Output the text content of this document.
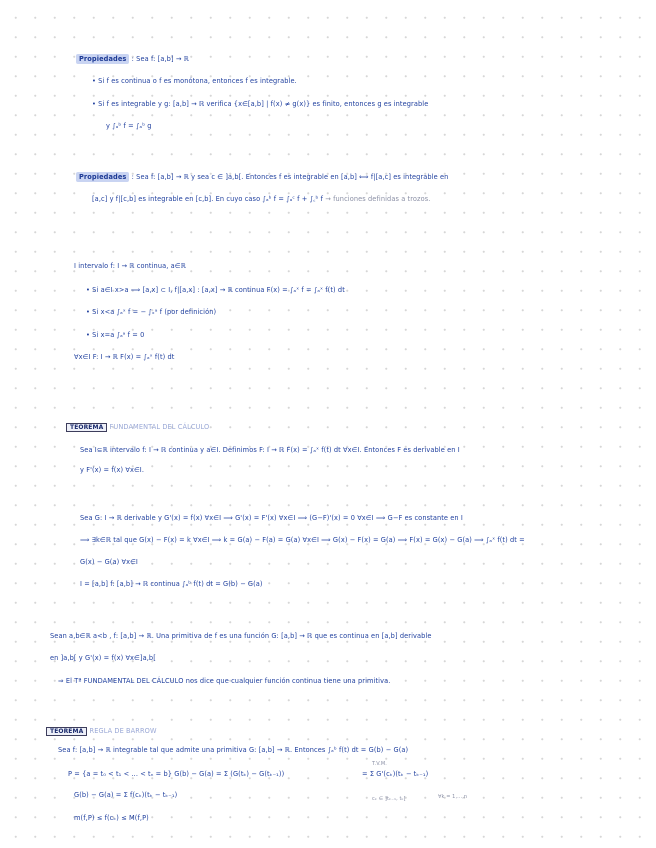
Propiedades : Sea f: [a,b] → ℝ
• Si f es continua o f es monótona, entonces f es integrable.
• Si f es integrable y g: [a,b] → ℝ verifica {x∈[a,b] | f(x) ≠ g(x)} es finito, entonces g es integrable
y ∫ₐᵇ f = ∫ₐᵇ g
Propiedades : Sea f: [a,b] → ℝ y sea c ∈ ]a,b[. Entonces f es integrable en [a,b] ⟺ f|[a,c] es integrable en
[a,c] y f|[c,b] es integrable en [c,b]. En cuyo caso ∫ₐᵇ f = ∫ₐᶜ f + ∫꜀ᵇ f → funciones definidas a trozos.
I intervalo f: I → ℝ continua, a∈ℝ
• Si a∈I x>a ⟹ [a,x] ⊂ I, f|[a,x] : [a,x] → ℝ continua F(x) = ∫ₐˣ f = ∫ₐˣ f(t) dt
• Si x<a ∫ₐˣ f = − ∫ₓᵃ f (por definición)
• Si x=a ∫ₐᵃ f = 0
∀x∈I F: I → ℝ F(x) = ∫ₐˣ f(t) dt
TEOREMA FUNDAMENTAL DEL CÁLCULO
Sea I⊆ℝ intervalo f: I → ℝ continua y a∈I. Definimos F: I → ℝ F(x) = ∫ₐˣ f(t) dt ∀x∈I. Entonces F es derivable en I
y F'(x) = f(x) ∀x∈I.
Sea G: I → ℝ derivable y G'(x) = f(x) ∀x∈I ⟹ G'(x) = F'(x) ∀x∈I ⟹ (G−F)'(x) = 0 ∀x∈I ⟹ G−F es constante en I
⟹ ∃k∈ℝ tal que G(x) − F(x) = k ∀x∈I ⟹ k = G(a) − F(a) = G(a) ∀x∈I ⟹ G(x) − F(x) = G(a) ⟹ F(x) = G(x) − G(a) ⟹ ∫ₐˣ f(t) dt =
G(x) − G(a) ∀x∈I
I = [a,b] f: [a,b] → ℝ continua ∫ₐᵇ f(t) dt = G(b) − G(a)
Sean a,b∈ℝ a<b , f: [a,b] → ℝ. Una primitiva de f es una función G: [a,b] → ℝ que es continua en [a,b] derivable
en ]a,b[ y G'(x) = f(x) ∀x∈]a,b[
⇒ El Tª FUNDAMENTAL DEL CÁLCULO nos dice que cualquier función continua tiene una primitiva.
TEOREMA REGLA DE BARROW
Sea f: [a,b] → ℝ integrable tal que admite una primitiva G: [a,b] → ℝ. Entonces ∫ₐᵇ f(t) dt = G(b) − G(a)
T.V.M.
P = {a = t₀ < t₁ < ... < tₙ = b} G(b) − G(a) = Σ (G(tₖ) − G(tₖ₋₁))	= Σ G'(cₖ)(tₖ − tₖ₋₁)
G(b) − G(a) = Σ f(cₖ)(tₖ − tₖ₋₁)	cₖ ∈ ]tₖ₋₁, tₖ[	∀k = 1,...,n
m(f,P) ≤ f(cₖ) ≤ M(f,P)
